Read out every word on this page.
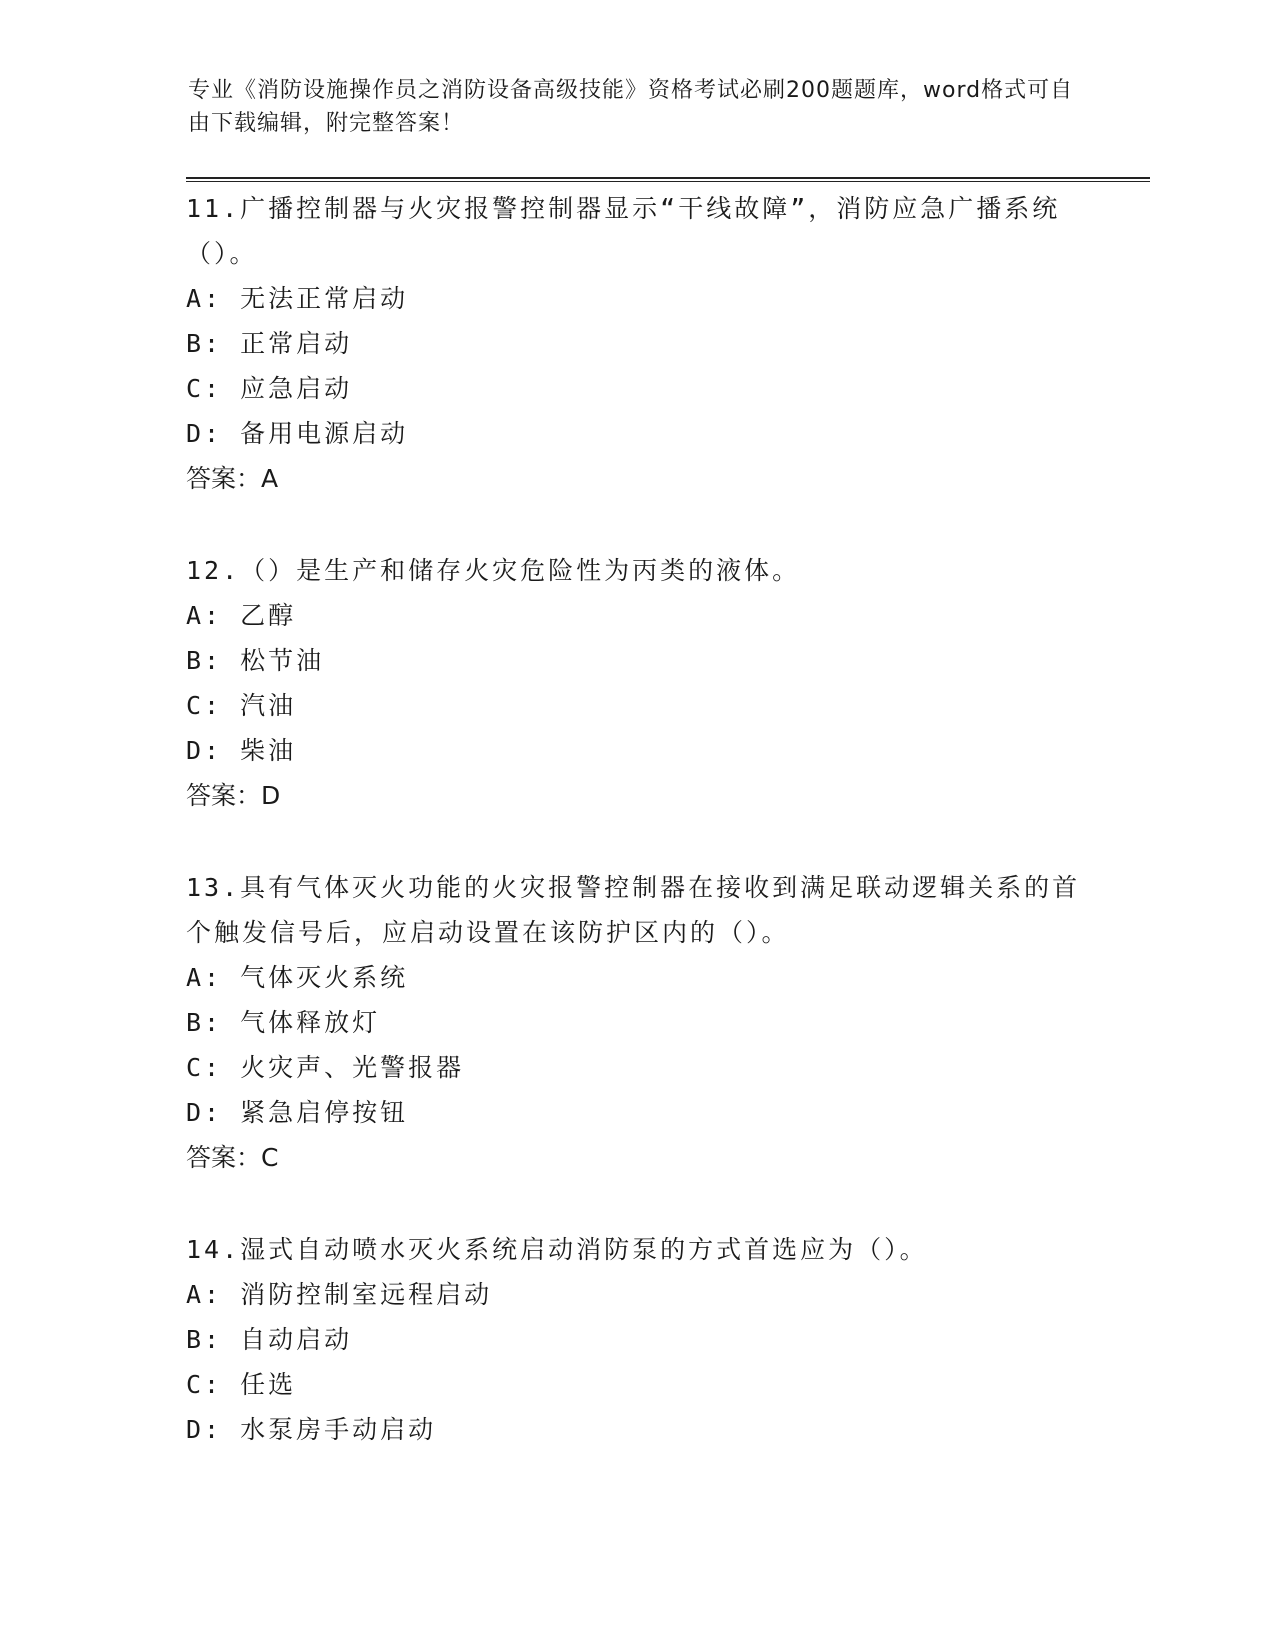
专业《消防设施操作员之消防设备高级技能》资格考试必刷200题题库，word格式可自由下载编辑，附完整答案！
11.广播控制器与火灾报警控制器显示“干线故障”，消防应急广播系统（）。
A: 无法正常启动
B: 正常启动
C: 应急启动
D: 备用电源启动
答案：A
12.（）是生产和储存火灾危险性为丙类的液体。
A: 乙醇
B: 松节油
C: 汽油
D: 柴油
答案：D
13.具有气体灭火功能的火灾报警控制器在接收到满足联动逻辑关系的首个触发信号后，应启动设置在该防护区内的（）。
A: 气体灭火系统
B: 气体释放灯
C: 火灾声、光警报器
D: 紧急启停按钮
答案：C
14.湿式自动喷水灭火系统启动消防泵的方式首选应为（）。
A: 消防控制室远程启动
B: 自动启动
C: 任选
D: 水泵房手动启动
